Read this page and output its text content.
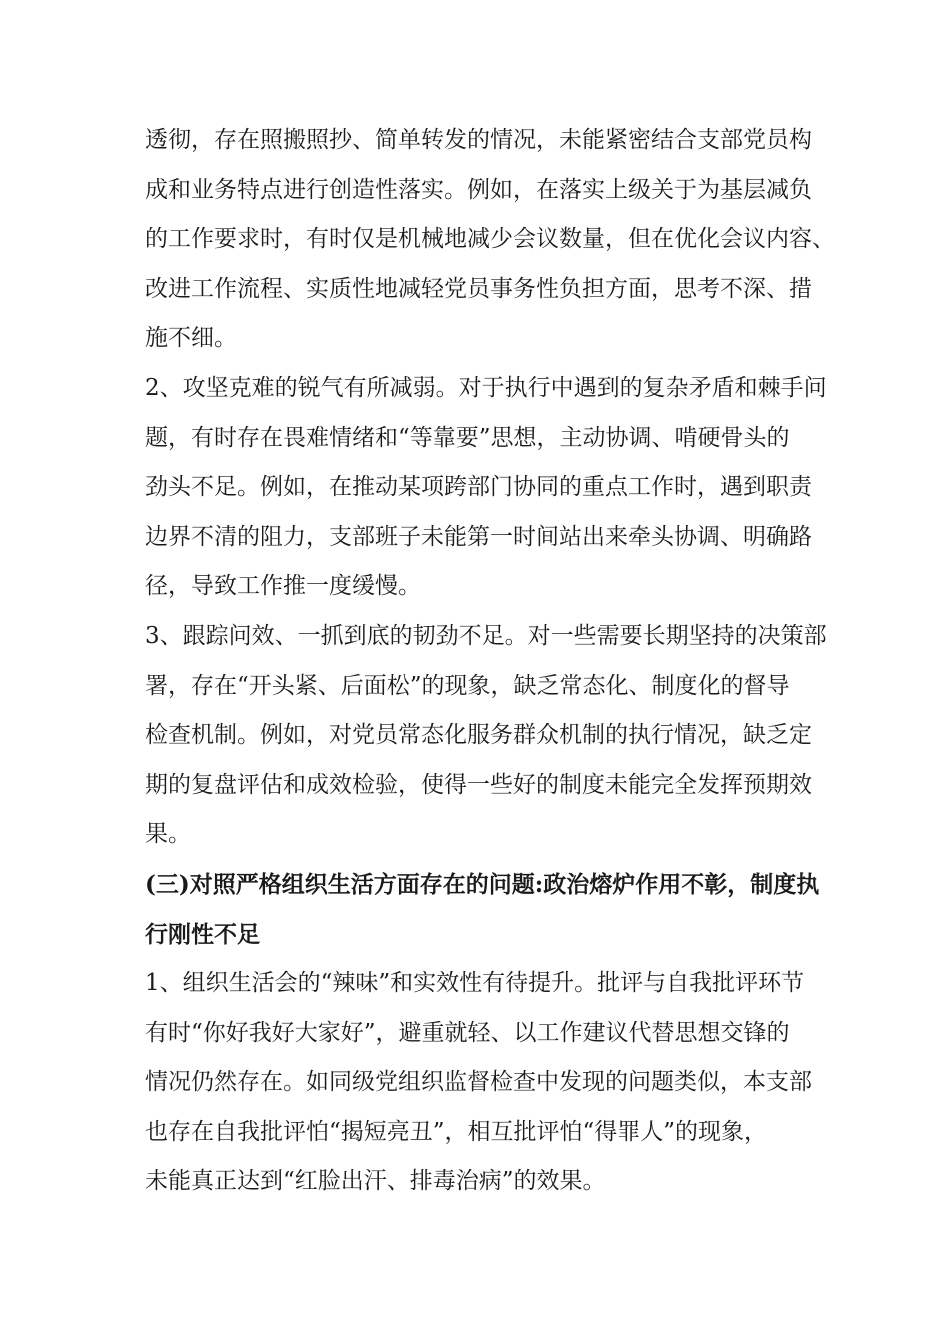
透彻，存在照搬照抄、简单转发的情况，未能紧密结合支部党员构
成和业务特点进行创造性落实。例如，在落实上级关于为基层减负
的工作要求时，有时仅是机械地减少会议数量，但在优化会议内容、
改进工作流程、实质性地减轻党员事务性负担方面，思考不深、措
施不细。
2、攻坚克难的锐气有所减弱。对于执行中遇到的复杂矛盾和棘手问
题，有时存在畏难情绪和“等靠要”思想，主动协调、啃硬骨头的
劲头不足。例如，在推动某项跨部门协同的重点工作时，遇到职责
边界不清的阻力，支部班子未能第一时间站出来牵头协调、明确路
径，导致工作推一度缓慢。
3、跟踪问效、一抓到底的韧劲不足。对一些需要长期坚持的决策部
署，存在“开头紧、后面松”的现象，缺乏常态化、制度化的督导
检查机制。例如，对党员常态化服务群众机制的执行情况，缺乏定
期的复盘评估和成效检验，使得一些好的制度未能完全发挥预期效
果。
(三)对照严格组织生活方面存在的问题:政治熔炉作用不彰，制度执
行刚性不足
1、组织生活会的“辣味”和实效性有待提升。批评与自我批评环节
有时“你好我好大家好”，避重就轻、以工作建议代替思想交锋的
情况仍然存在。如同级党组织监督检查中发现的问题类似，本支部
也存在自我批评怕“揭短亮丑”，相互批评怕“得罪人”的现象，
未能真正达到“红脸出汗、排毒治病”的效果。
